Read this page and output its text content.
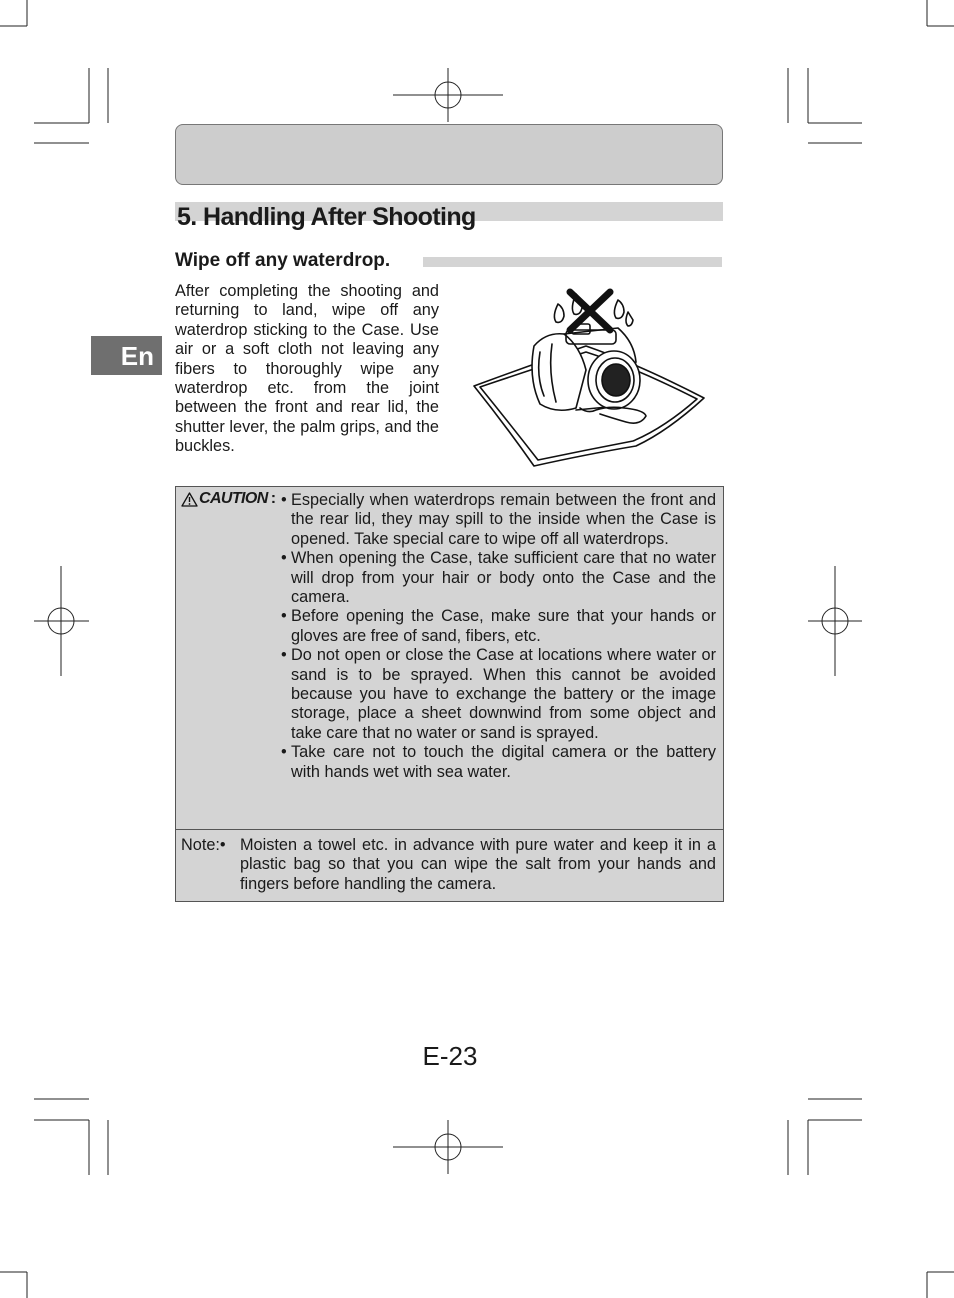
5. Handling After Shooting
En
Wipe off any waterdrop.

After completing the shooting and returning to land, wipe off any waterdrop sticking to the Case. Use air or a soft cloth not leaving any fibers to thoroughly wipe any waterdrop etc. from the joint between the front and rear lid, the shutter lever, the palm grips, and the buckles.

CAUTION : • Especially when waterdrops remain between the front and the rear lid, they may spill to the inside when the Case is opened. Take special care to wipe off all waterdrops.
• When opening the Case, take sufficient care that no water will drop from your hair or body onto the Case and the camera.
• Before opening the Case, make sure that your hands or gloves are free of sand, fibers, etc.
• Do not open or close the Case at locations where water or sand is to be sprayed. When this cannot be avoided because you have to exchange the battery or the image storage, place a sheet downwind from some object and take care that no water or sand is sprayed.
• Take care not to touch the digital camera or the battery with hands wet with sea water.
Note:• Moisten a towel etc. in advance with pure water and keep it in a plastic bag so that you can wipe the salt from your hands and fingers before handling the camera.

E-23
